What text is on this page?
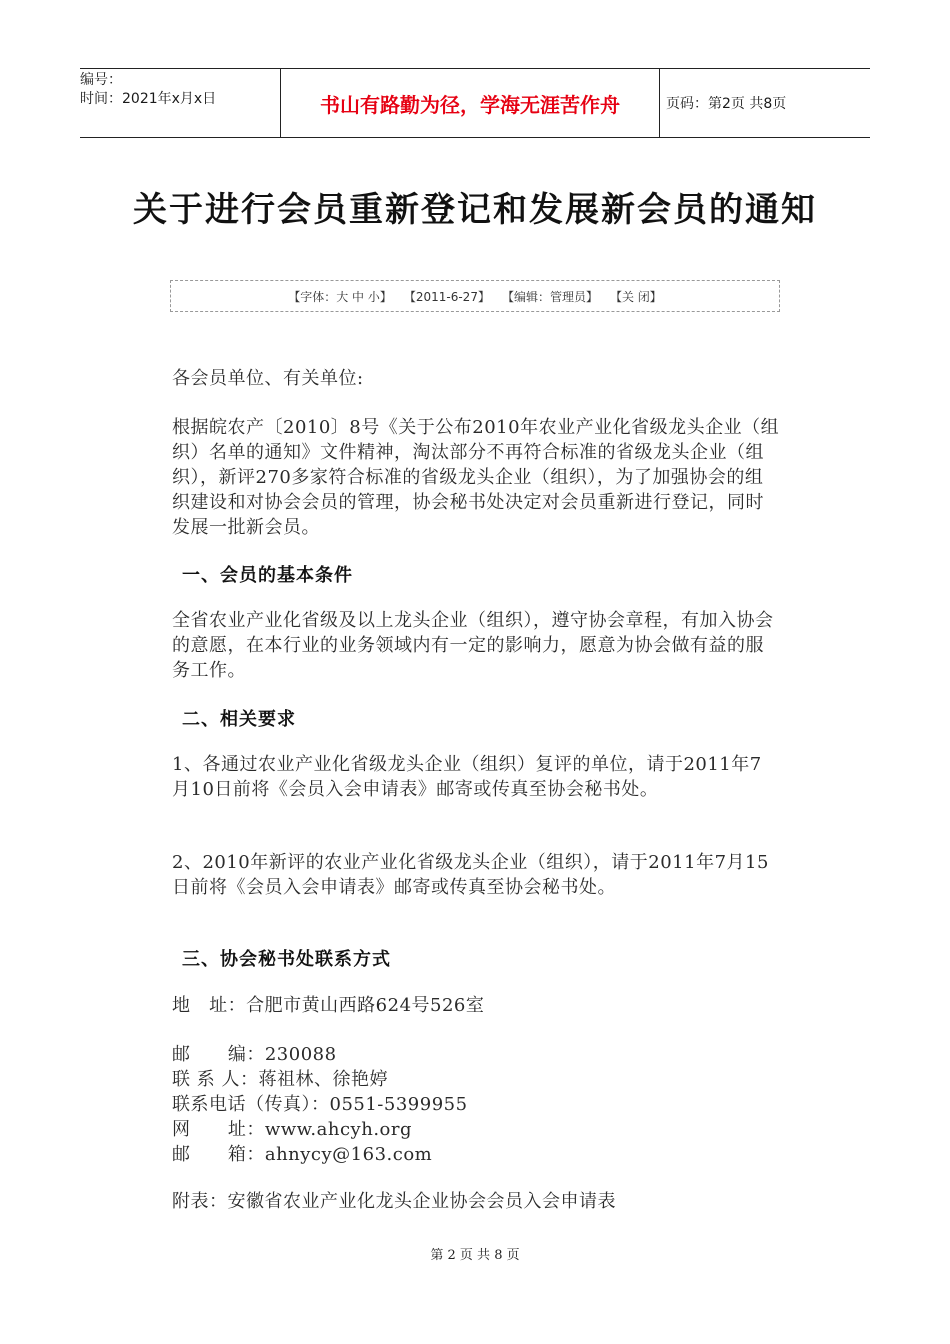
编号：
时间：2021年x月x日	书山有路勤为径，学海无涯苦作舟	页码：第2页 共8页
关于进行会员重新登记和发展新会员的通知
【字体：大 中 小】 【2011-6-27】 【编辑：管理员】 【关 闭】
各会员单位、有关单位:
根据皖农产〔2010〕8号《关于公布2010年农业产业化省级龙头企业（组织）名单的通知》文件精神，淘汰部分不再符合标准的省级龙头企业（组织），新评270多家符合标准的省级龙头企业（组织），为了加强协会的组织建设和对协会会员的管理，协会秘书处决定对会员重新进行登记，同时发展一批新会员。
一、会员的基本条件
全省农业产业化省级及以上龙头企业（组织），遵守协会章程，有加入协会的意愿，在本行业的业务领域内有一定的影响力，愿意为协会做有益的服务工作。
二、相关要求
1、各通过农业产业化省级龙头企业（组织）复评的单位，请于2011年7月10日前将《会员入会申请表》邮寄或传真至协会秘书处。
2、2010年新评的农业产业化省级龙头企业（组织），请于2011年7月15日前将《会员入会申请表》邮寄或传真至协会秘书处。
三、协会秘书处联系方式
地   址：合肥市黄山西路624号526室
邮      编： 230088
联 系 人： 蒋祖林、徐艳婷
联系电话（传真）： 0551-5399955
网      址： www.ahcyh.org
邮      箱： ahnycy@163.com
附表：安徽省农业产业化龙头企业协会会员入会申请表
第 2 页 共 8 页
